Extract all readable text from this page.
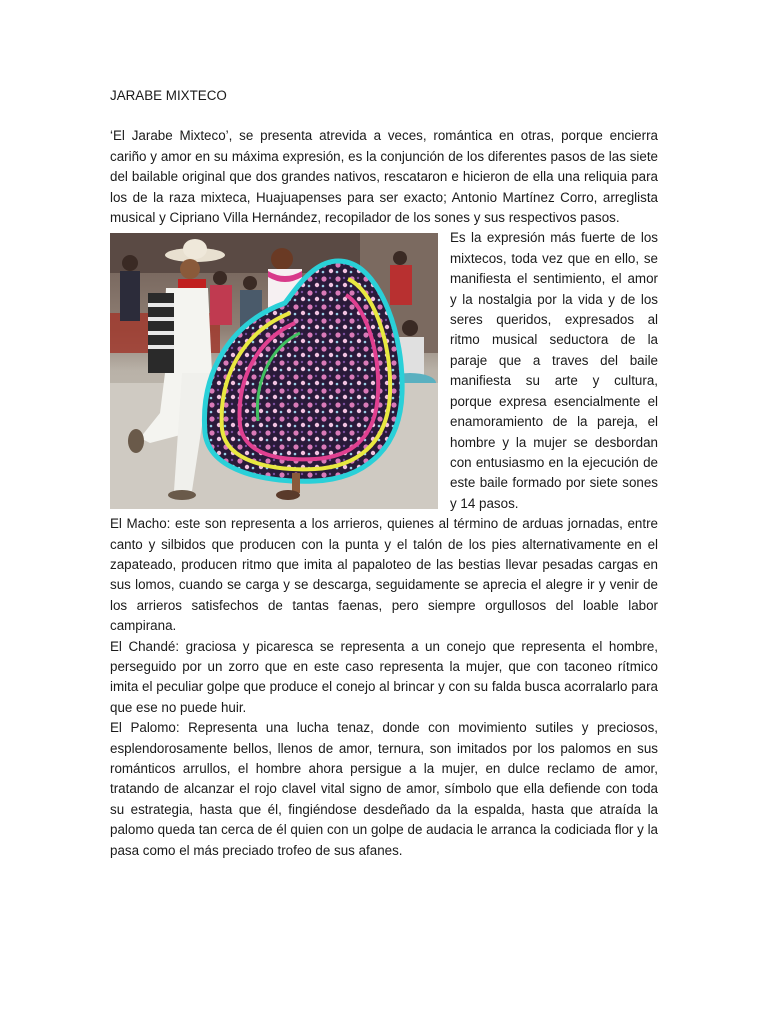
JARABE MIXTECO

‘El Jarabe Mixteco’, se presenta atrevida a veces, romántica en otras, porque encierra cariño y amor en su máxima expresión, es la conjunción de los diferentes pasos de las siete del bailable original que dos grandes nativos, rescataron e hicieron de ella una reliquia para los de la raza mixteca, Huajuapenses para ser exacto; Antonio Martínez Corro, arreglista musical y Cipriano Villa Hernández, recopilador de los sones y sus respectivos pasos.

Es la expresión más fuerte de los mixtecos, toda vez que en ello, se manifiesta el sentimiento, el amor y la nostalgia por la vida y de los seres queridos, expresados al ritmo musical seductora de la paraje que a traves del baile manifiesta su arte y cultura, porque expresa esencialmente el enamoramiento de la pareja, el hombre y la mujer se desbordan con entusiasmo en la ejecución de este baile formado por siete sones y 14 pasos.

El Macho: este son representa a los arrieros, quienes al término de arduas jornadas, entre canto y silbidos que producen con la punta y el talón de los pies alternativamente en el zapateado, producen ritmo que imita al papaloteo de las bestias llevar pesadas cargas en sus lomos, cuando se carga y se descarga, seguidamente se aprecia el alegre ir y venir de los arrieros satisfechos de tantas faenas, pero siempre orgullosos del loable labor campirana.

El Chandé: graciosa y picaresca se representa a un conejo que representa el hombre, perseguido por un zorro que en este caso representa la mujer, que con taconeo rítmico imita el peculiar golpe que produce el conejo al brincar y con su falda busca acorralarlo para que ese no puede huir.

El Palomo: Representa una lucha tenaz, donde con movimiento sutiles y preciosos, esplendorosamente bellos, llenos de amor, ternura, son imitados por los palomos en sus románticos arrullos, el hombre ahora persigue a la mujer, en dulce reclamo de amor, tratando de alcanzar el rojo clavel vital signo de amor, símbolo que ella defiende con toda su estrategia, hasta que él, fingiéndose desdeñado da la espalda, hasta que atraída la palomo queda tan cerca de él quien con un golpe de audacia le arranca la codiciada flor y la pasa como el más preciado trofeo de sus afanes.
